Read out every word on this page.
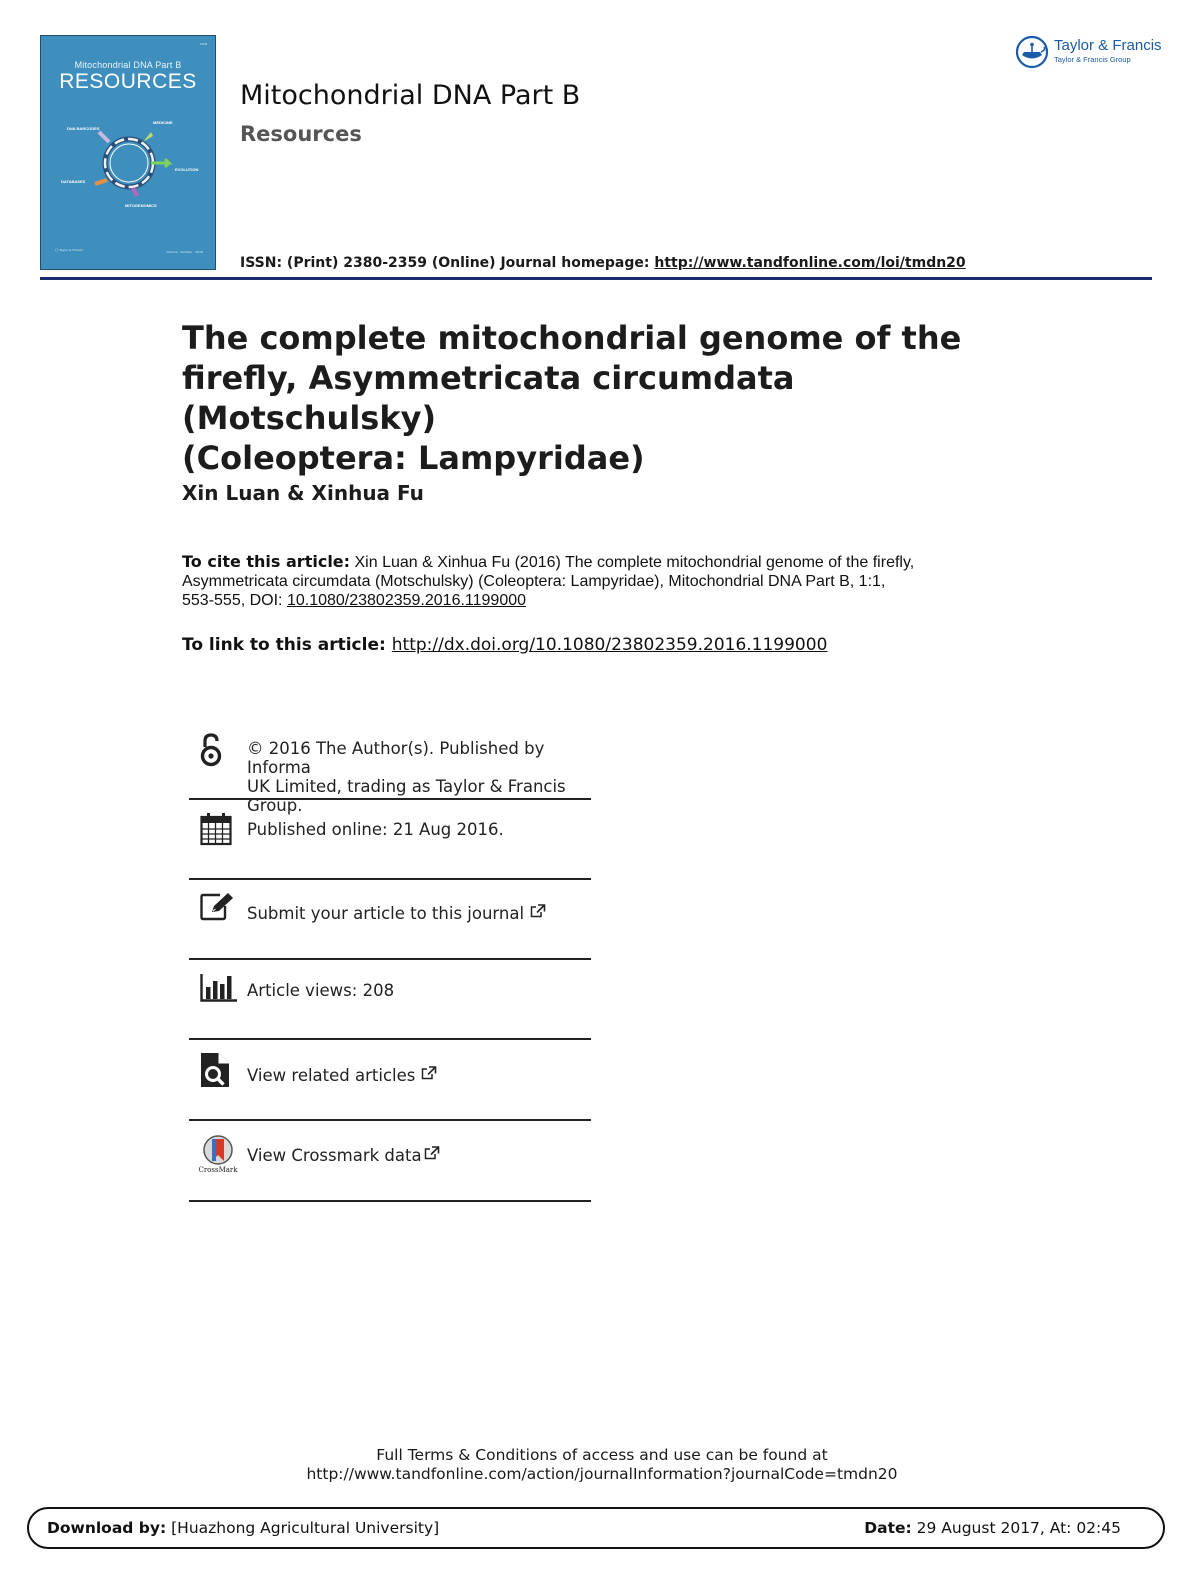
ISSN
Mitochondrial DNA Part B
RESOURCES
DNA BARCODES
MEDICINE
EVOLUTION
DATABASES
MITOGENOMICS
◯ Taylor & Francis	Volume · Number · 2016
Mitochondrial DNA Part B
Resources
ISSN: (Print) 2380-2359 (Online) Journal homepage: http://www.tandfonline.com/loi/tmdn20
Taylor & Francis
Taylor & Francis Group
The complete mitochondrial genome of the
firefly, Asymmetricata circumdata (Motschulsky)
(Coleoptera: Lampyridae)
Xin Luan & Xinhua Fu
To cite this article: Xin Luan & Xinhua Fu (2016) The complete mitochondrial genome of the firefly,
Asymmetricata circumdata (Motschulsky) (Coleoptera: Lampyridae), Mitochondrial DNA Part B, 1:1,
553-555, DOI: 10.1080/23802359.2016.1199000
To link to this article: http://dx.doi.org/10.1080/23802359.2016.1199000
© 2016 The Author(s). Published by Informa
UK Limited, trading as Taylor & Francis
Group.
Published online: 21 Aug 2016.
Submit your article to this journal
Article views: 208
View related articles
CrossMark
View Crossmark data
Full Terms & Conditions of access and use can be found at
http://www.tandfonline.com/action/journalInformation?journalCode=tmdn20
Download by: [Huazhong Agricultural University]	Date: 29 August 2017, At: 02:45
